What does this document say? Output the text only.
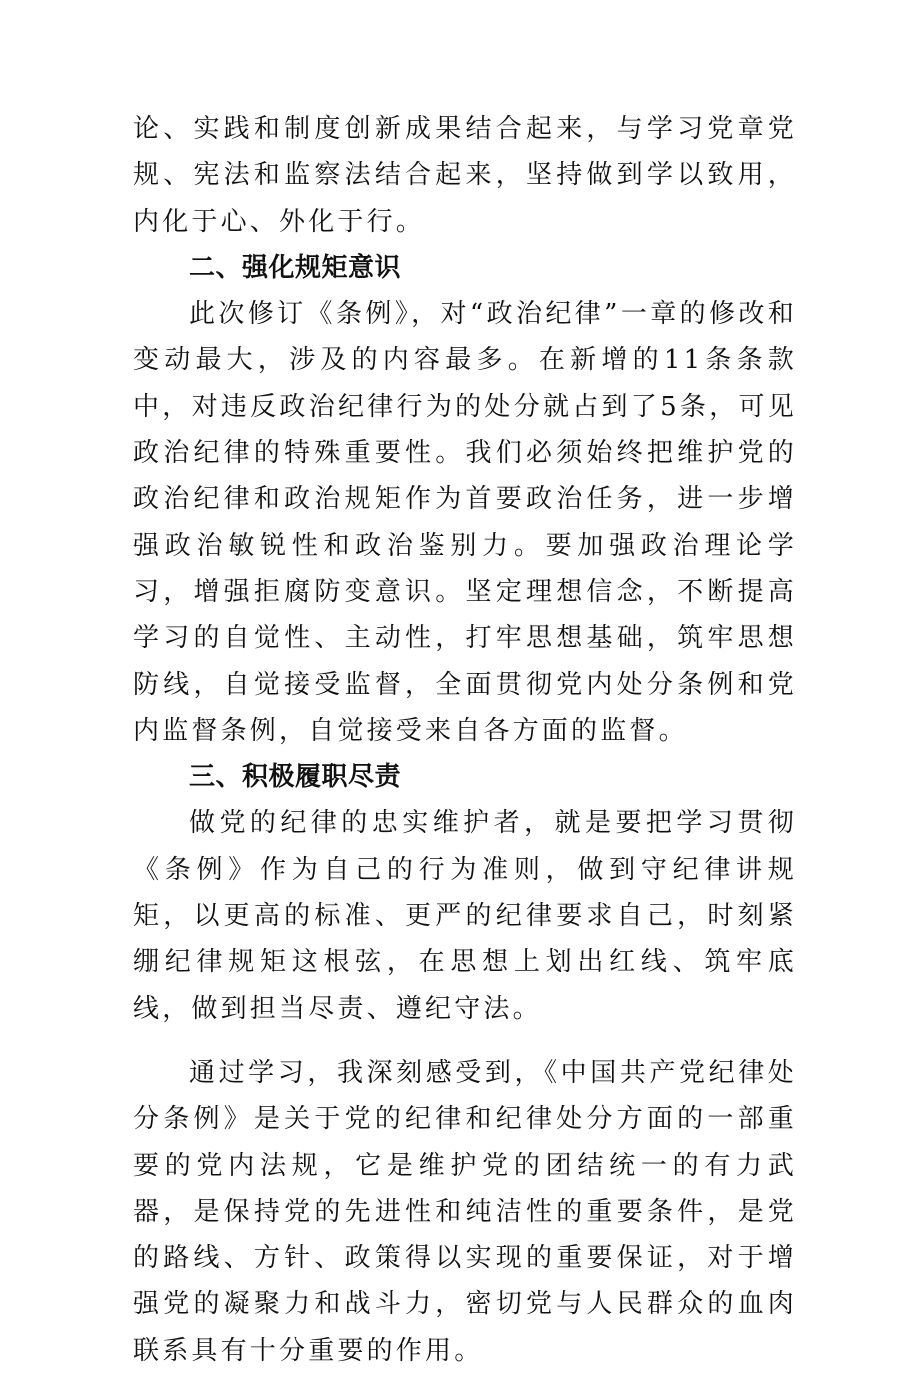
论、实践和制度创新成果结合起来，与学习党章党规、宪法和监察法结合起来，坚持做到学以致用，内化于心、外化于行。

二、强化规矩意识

此次修订《条例》，对“政治纪律”一章的修改和变动最大，涉及的内容最多。在新增的11条条款中，对违反政治纪律行为的处分就占到了5条，可见政治纪律的特殊重要性。我们必须始终把维护党的政治纪律和政治规矩作为首要政治任务，进一步增强政治敏锐性和政治鉴别力。要加强政治理论学习，增强拒腐防变意识。坚定理想信念，不断提高学习的自觉性、主动性，打牢思想基础，筑牢思想防线，自觉接受监督，全面贯彻党内处分条例和党内监督条例，自觉接受来自各方面的监督。

三、积极履职尽责

做党的纪律的忠实维护者，就是要把学习贯彻《条例》作为自己的行为准则，做到守纪律讲规矩，以更高的标准、更严的纪律要求自己，时刻紧绷纪律规矩这根弦，在思想上划出红线、筑牢底线，做到担当尽责、遵纪守法。

通过学习，我深刻感受到，《中国共产党纪律处分条例》是关于党的纪律和纪律处分方面的一部重要的党内法规，它是维护党的团结统一的有力武器，是保持党的先进性和纯洁性的重要条件，是党的路线、方针、政策得以实现的重要保证，对于增强党的凝聚力和战斗力，密切党与人民群众的血肉联系具有十分重要的作用。
